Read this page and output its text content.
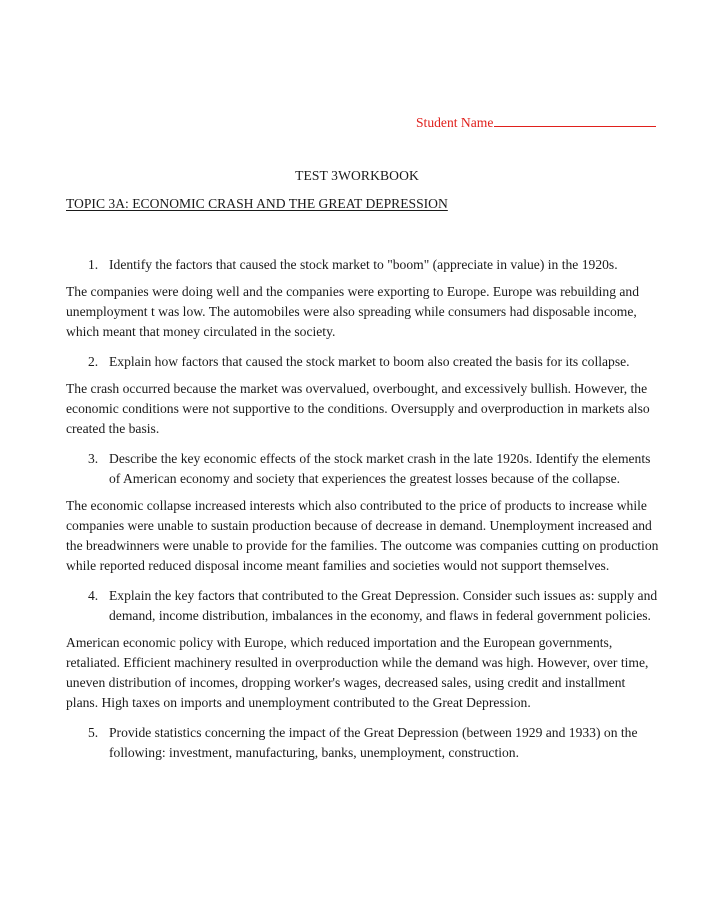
Student Name
TEST 3WORKBOOK
TOPIC 3A: ECONOMIC CRASH AND THE GREAT DEPRESSION
1. Identify the factors that caused the stock market to "boom" (appreciate in value) in the 1920s.

The companies were doing well and the companies were exporting to Europe. Europe was rebuilding and unemployment t was low. The automobiles were also spreading while consumers had disposable income, which meant that money circulated in the society.

2. Explain how factors that caused the stock market to boom also created the basis for its collapse.

The crash occurred because the market was overvalued, overbought, and excessively bullish. However, the economic conditions were not supportive to the conditions. Oversupply and overproduction in markets also created the basis.

3. Describe the key economic effects of the stock market crash in the late 1920s. Identify the elements of American economy and society that experiences the greatest losses because of the collapse.

The economic collapse increased interests which also contributed to the price of products to increase while companies were unable to sustain production because of decrease in demand. Unemployment increased and the breadwinners were unable to provide for the families. The outcome was companies cutting on production while reported reduced disposal income meant families and societies would not support themselves.

4. Explain the key factors that contributed to the Great Depression. Consider such issues as: supply and demand, income distribution, imbalances in the economy, and flaws in federal government policies.

American economic policy with Europe, which reduced importation and the European governments, retaliated. Efficient machinery resulted in overproduction while the demand was high. However, over time, uneven distribution of incomes, dropping worker's wages, decreased sales, using credit and installment plans. High taxes on imports and unemployment contributed to the Great Depression.

5. Provide statistics concerning the impact of the Great Depression (between 1929 and 1933) on the following: investment, manufacturing, banks, unemployment, construction.
